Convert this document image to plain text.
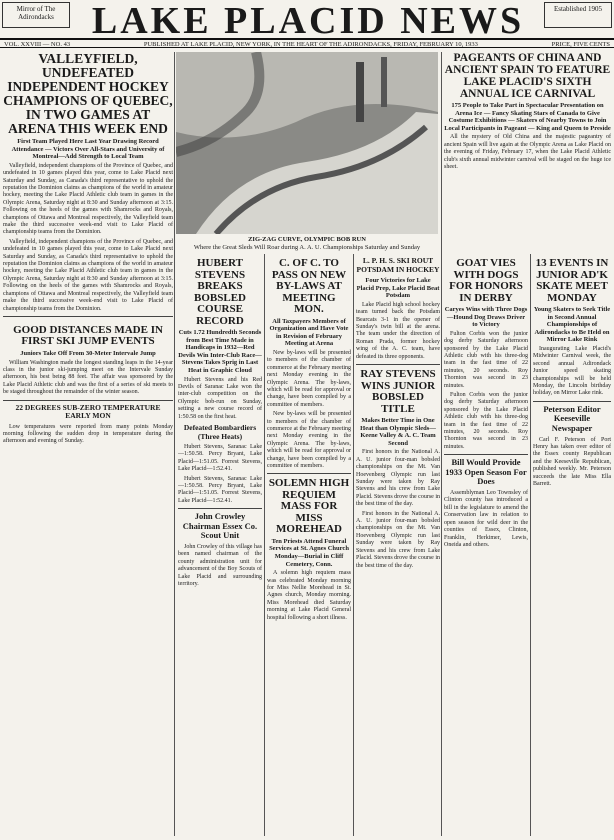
Mirror of The Adirondacks LAKE PLACID NEWS	Established 1905
VOL. XXVIII — NO. 43	PUBLISHED AT LAKE PLACID, NEW YORK, IN THE HEART OF THE ADIRONDACKS, FRIDAY, FEBRUARY 10, 1933	PRICE, FIVE CENTS
VALLEYFIELD, UNDEFEATED INDEPENDENT HOCKEY CHAMPIONS OF QUEBEC, IN TWO GAMES AT ARENA THIS WEEK END
First Team Played Here Last Year Drawing Record Attendance — Victors Over All-Stars and University of Montreal—Add Strength to Local Team

Valleyfield, independent champions of the Province of Quebec, and undefeated in 10 games played this year, come to Lake Placid next Saturday and Sunday, as Canada's third representative to uphold the reputation the Dominion claims as champions of the world in amateur hockey, meeting the Lake Placid Athletic club team in games in the Olympic Arena, Saturday night at 8:30 and Sunday afternoon at 3:15. Following on the heels of the games with Shamrocks and Royals, champions of Ottawa and Montreal respectively, the Valleyfield team make the third successive week-end visit to Lake Placid of championship teams from the Dominion.

Valleyfield, independent champions of the Province of Quebec, and undefeated in 10 games played this year, come to Lake Placid next Saturday and Sunday, as Canada's third representative to uphold the reputation the Dominion claims as champions of the world in amateur hockey, meeting the Lake Placid Athletic club team in games in the Olympic Arena, Saturday night at 8:30 and Sunday afternoon at 3:15. Following on the heels of the games with Shamrocks and Royals, champions of Ottawa and Montreal respectively, the Valleyfield team make the third successive week-end visit to Lake Placid of championship teams from the Dominion.

GOOD DISTANCES MADE IN FIRST SKI JUMP EVENTS
Juniors Take Off From 30-Meter Intervale Jump

William Washington made the longest standing leaps in the 14-year class in the junior ski-jumping meet on the Intervale Sunday afternoon, his best being 88 feet. The affair was sponsored by the Lake Placid Athletic club and was the first of a series of ski meets to be staged throughout the remainder of the winter season.

22 DEGREES SUB-ZERO TEMPERATURE EARLY MON

Low temperatures were reported from many points Monday morning following the sudden drop in temperature during the afternoon and evening of Sunday.

ZIG-ZAG CURVE, OLYMPIC BOB RUN
Where the Great Sleds Will Roar during A. A. U. Championships Saturday and Sunday
HUBERT STEVENS BREAKS BOBSLED COURSE RECORD
Cuts 1.72 Hundredth Seconds from Best Time Made in Handicaps in 1932—Red Devils Win Inter-Club Race—Stevens Takes Sprig in Last Heat in Graphic Cloud

Hubert Stevens and his Red Devils of Saranac Lake won the inter-club competition on the Olympic bob-run on Sunday, setting a new course record of 1:50.58 on the first heat.

Defeated Bombardiers (Three Heats)

Hubert Stevens, Saranac Lake—1:50.58. Percy Bryant, Lake Placid—1:51.05. Forrest Stevens, Lake Placid—1:52.41.

Hubert Stevens, Saranac Lake—1:50.58. Percy Bryant, Lake Placid—1:51.05. Forrest Stevens, Lake Placid—1:52.41.

John Crowley Chairman Essex Co. Scout Unit

John Crowley of this village has been named chairman of the county administration unit for advancement of the Boy Scouts of Lake Placid and surrounding territory.

C. OF C. TO PASS ON NEW BY-LAWS AT MEETING MON.
All Taxpayers Members of Organization and Have Vote in Revision of February Meeting at Arena

New by-laws will be presented to members of the chamber of commerce at the February meeting next Monday evening in the Olympic Arena. The by-laws, which will be read for approval or change, have been compiled by a committee of members.

New by-laws will be presented to members of the chamber of commerce at the February meeting next Monday evening in the Olympic Arena. The by-laws, which will be read for approval or change, have been compiled by a committee of members.

SOLEMN HIGH REQUIEM MASS FOR MISS MOREHEAD
Ten Priests Attend Funeral Services at St. Agnes Church Monday—Burial in Cliff Cemetery, Conn.

A solemn high requiem mass was celebrated Monday morning for Miss Nellie Morehead in St. Agnes church, Monday morning. Miss Morehead died Saturday morning at Lake Placid General hospital following a short illness.

L. P. H. S. SKI ROUT POTSDAM IN HOCKEY
Four Victories for Lake Placid Prep, Lake Placid Beat Potsdam

Lake Placid high school hockey team turned back the Potsdam Bearcats 3-1 in the opener of Sunday's twin bill at the arena. The team under the direction of Roman Prada, former hockey wing of the A. C. team, have defeated its three opponents.

RAY STEVENS WINS JUNIOR BOBSLED TITLE
Makes Better Time in One Heat than Olympic Sleds—Keene Valley & A. C. Team Second

First honors in the National A. A. U. junior four-man bobsled championships on the Mt. Van Hoevenberg Olympic run last Sunday were taken by Ray Stevens and his crew from Lake Placid. Stevens drove the course in the best time of the day.

First honors in the National A. A. U. junior four-man bobsled championships on the Mt. Van Hoevenberg Olympic run last Sunday were taken by Ray Stevens and his crew from Lake Placid. Stevens drove the course in the best time of the day.

GOAT VIES WITH DOGS FOR HONORS IN DERBY
Caryes Wins with Three Dogs—Hound Dog Draws Driver to Victory

Fulton Corbis won the junior dog derby Saturday afternoon sponsored by the Lake Placid Athletic club with his three-dog team in the fast time of 22 minutes, 20 seconds. Roy Thornton was second in 23 minutes.

Fulton Corbis won the junior dog derby Saturday afternoon sponsored by the Lake Placid Athletic club with his three-dog team in the fast time of 22 minutes, 20 seconds. Roy Thornton was second in 23 minutes.

Bill Would Provide 1933 Open Season For Does

Assemblyman Leo Townsley of Clinton county has introduced a bill in the legislature to amend the Conservation law in relation to open season for wild deer in the counties of Essex, Clinton, Franklin, Herkimer, Lewis, Oneida and others.

PAGEANTS OF CHINA AND ANCIENT SPAIN TO FEATURE LAKE PLACID'S SIXTH ANNUAL ICE CARNIVAL
175 People to Take Part in Spectacular Presentation on Arena Ice — Fancy Skating Stars of Canada to Give Costume Exhibitions — Skaters of Nearby Towns to Join Local Participants in Pageant — King and Queen to Preside

All the mystery of Old China and the majestic pageantry of ancient Spain will live again at the Olympic Arena as Lake Placid on the evening of Friday, February 17, when the Lake Placid Athletic club's sixth annual midwinter carnival will be staged on the huge ice sheet.

13 EVENTS IN JUNIOR AD'K SKATE MEET MONDAY
Young Skaters to Seek Title in Second Annual Championships of Adirondacks to Be Held on Mirror Lake Rink

Inaugurating Lake Placid's Midwinter Carnival week, the second annual Adirondack Junior speed skating championships will be held Monday, the Lincoln birthday holiday, on Mirror Lake rink.

Peterson Editor Keeseville Newspaper

Carl F. Peterson of Port Henry has taken over editor of the Essex county Republican and the Keeseville Republican, published weekly. Mr. Peterson succeeds the late Miss Ella Barrett.
